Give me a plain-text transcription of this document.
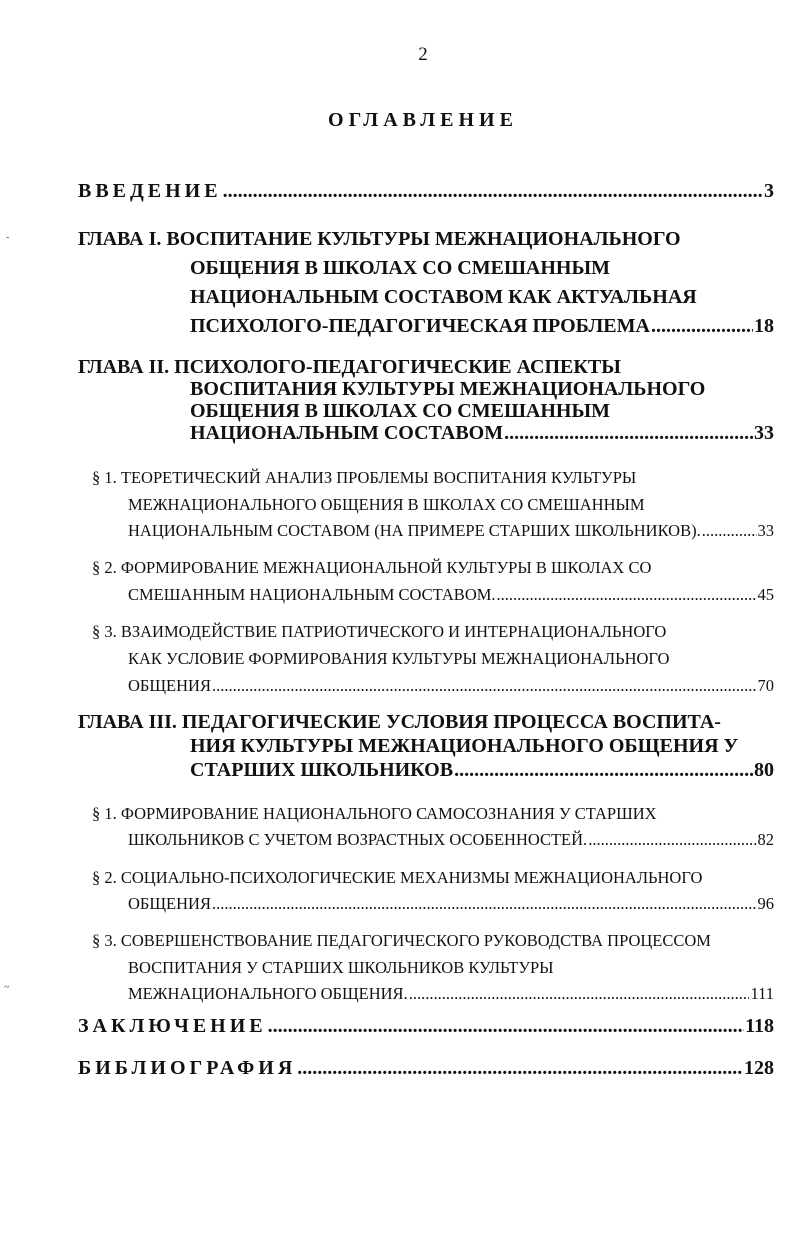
2
ОГЛАВЛЕНИЕ
ВВЕДЕНИЕ .....	3
ГЛАВА I. ВОСПИТАНИЕ КУЛЬТУРЫ МЕЖНАЦИОНАЛЬНОГО
ОБЩЕНИЯ В ШКОЛАХ СО СМЕШАННЫМ
НАЦИОНАЛЬНЫМ СОСТАВОМ КАК АКТУАЛЬНАЯ
ПСИХОЛОГО-ПЕДАГОГИЧЕСКАЯ ПРОБЛЕМА .....	18
ГЛАВА II. ПСИХОЛОГО-ПЕДАГОГИЧЕСКИЕ АСПЕКТЫ
ВОСПИТАНИЯ КУЛЬТУРЫ МЕЖНАЦИОНАЛЬНОГО
ОБЩЕНИЯ В ШКОЛАХ СО СМЕШАННЫМ
НАЦИОНАЛЬНЫМ СОСТАВОМ .....	33
§ 1. ТЕОРЕТИЧЕСКИЙ АНАЛИЗ ПРОБЛЕМЫ ВОСПИТАНИЯ КУЛЬТУРЫ
МЕЖНАЦИОНАЛЬНОГО ОБЩЕНИЯ В ШКОЛАХ СО СМЕШАННЫМ
НАЦИОНАЛЬНЫМ СОСТАВОМ (НА ПРИМЕРЕ СТАРШИХ ШКОЛЬНИКОВ). .....	33
§ 2. ФОРМИРОВАНИЕ МЕЖНАЦИОНАЛЬНОЙ КУЛЬТУРЫ В ШКОЛАХ СО
СМЕШАННЫМ НАЦИОНАЛЬНЫМ СОСТАВОМ. .....	45
§ 3. ВЗАИМОДЕЙСТВИЕ ПАТРИОТИЧЕСКОГО И ИНТЕРНАЦИОНАЛЬНОГО
КАК УСЛОВИЕ ФОРМИРОВАНИЯ КУЛЬТУРЫ МЕЖНАЦИОНАЛЬНОГО
ОБЩЕНИЯ .....	70
ГЛАВА III. ПЕДАГОГИЧЕСКИЕ УСЛОВИЯ ПРОЦЕССА ВОСПИТА-
НИЯ КУЛЬТУРЫ МЕЖНАЦИОНАЛЬНОГО ОБЩЕНИЯ У
СТАРШИХ ШКОЛЬНИКОВ .....	80
§ 1. ФОРМИРОВАНИЕ НАЦИОНАЛЬНОГО САМОСОЗНАНИЯ У СТАРШИХ
ШКОЛЬНИКОВ С УЧЕТОМ ВОЗРАСТНЫХ ОСОБЕННОСТЕЙ. .....	82
§ 2. СОЦИАЛЬНО-ПСИХОЛОГИЧЕСКИЕ МЕХАНИЗМЫ МЕЖНАЦИОНАЛЬНОГО
ОБЩЕНИЯ .....	96
§ 3. СОВЕРШЕНСТВОВАНИЕ ПЕДАГОГИЧЕСКОГО РУКОВОДСТВА ПРОЦЕССОМ
ВОСПИТАНИЯ У СТАРШИХ ШКОЛЬНИКОВ КУЛЬТУРЫ
МЕЖНАЦИОНАЛЬНОГО ОБЩЕНИЯ. .....	111
ЗАКЛЮЧЕНИЕ .....	118
БИБЛИОГРАФИЯ .....	128
-
~
